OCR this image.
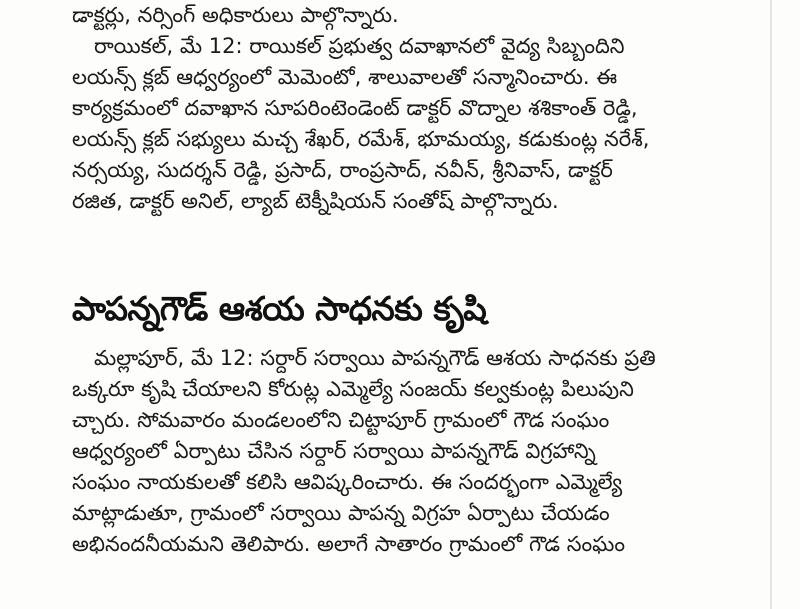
డాక్టర్లు, నర్సింగ్ అధికారులు పాల్గొన్నారు.
రాయికల్, మే 12: రాయికల్ ప్రభుత్వ దవాఖానలో వైద్య సిబ్బందిని
లయన్స్ క్లబ్ ఆధ్వర్యంలో మెమెంటో, శాలువాలతో సన్మానించారు. ఈ
కార్యక్రమంలో దవాఖాన సూపరింటెండెంట్ డాక్టర్ వొద్నాల శశికాంత్ రెడ్డి,
లయన్స్ క్లబ్ సభ్యులు మచ్చ శేఖర్, రమేశ్, భూమయ్య, కడుకుంట్ల నరేశ్,
నర్సయ్య, సుదర్శన్ రెడ్డి, ప్రసాద్, రాంప్రసాద్, నవీన్, శ్రీనివాస్, డాక్టర్
రజిత, డాక్టర్ అనిల్, ల్యాబ్ టెక్నీషియన్ సంతోష్ పాల్గొన్నారు.
పాపన్నగౌడ్ ఆశయ సాధనకు కృషి
మల్లాపూర్, మే 12: సర్దార్ సర్వాయి పాపన్నగౌడ్ ఆశయ సాధనకు ప్రతి
ఒక్కరూ కృషి చేయాలని కోరుట్ల ఎమ్మెల్యే సంజయ్ కల్వకుంట్ల పిలుపుని
చ్చారు. సోమవారం మండలంలోని చిట్టాపూర్ గ్రామంలో గౌడ సంఘం
ఆధ్వర్యంలో ఏర్పాటు చేసిన సర్దార్ సర్వాయి పాపన్నగౌడ్ విగ్రహాన్ని
సంఘం నాయకులతో కలిసి ఆవిష్కరించారు. ఈ సందర్భంగా ఎమ్మెల్యే
మాట్లాడుతూ, గ్రామంలో సర్వాయి పాపన్న విగ్రహ ఏర్పాటు చేయడం
అభినందనీయమని తెలిపారు. అలాగే సాతారం గ్రామంలో గౌడ సంఘం
